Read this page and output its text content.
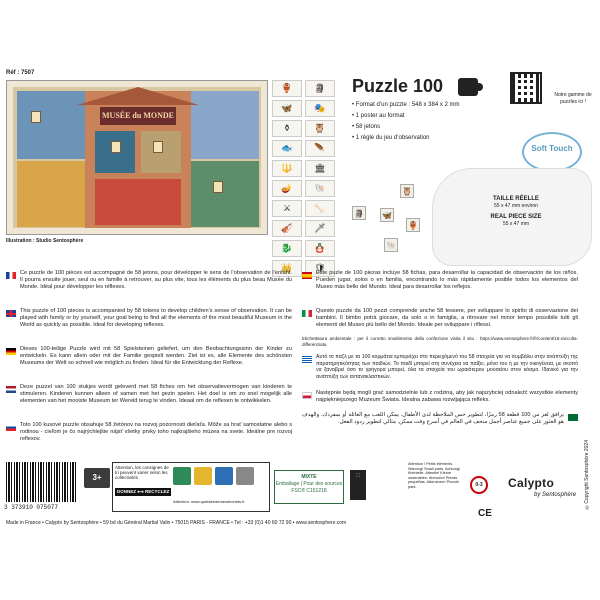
Réf : 7507
MUSÉE du MONDE
Illustration : Studio Sentosphère
🏺	🗿
🦋	🎭
⚱	🦉
🐟	🪶
🔱	🏛
🪔	🐚
⚔	🦴
🎻	🗡
🐉	🪆
👑	🛡
Puzzle 100
• Format d’un puzzle : 548 x 384 x 2 mm
• 1 poster au format
• 58 jetons
• 1 règle du jeu d’observation
Notre gamme de puzzles ici !
Soft Touch
🦉
🦋
🏺
🐚
🗿
TAILLE RÉELLE
55 x 47 mm environ
REAL PIECE SIZE
55 x 47 mm
Ce puzzle de 100 pièces est accompagné de 58 jetons, pour développer le sens de l’observation de l’enfant. Il pourra ensuite jouer, seul ou en famille à retrouver, au plus vite, tous les éléments du plus beau Musée du Monde. Idéal pour développer les réflexes.
This puzzle of 100 pieces is accompanied by 58 tokens to develop children’s sense of observation. It can be played with family or by yourself, your goal being to find all the elements of the most beautiful Museum in the World as quickly as possible. Ideal for developing reflexes.
Dieses 100-teilige Puzzle wird mit 58 Spielsteinen geliefert, um den Beobachtungssinn der Kinder zu entwickeln. Es kann allein oder mit der Familie gespielt werden. Ziel ist es, alle Elemente des schönsten Museums der Welt so schnell wie möglich zu finden. Ideal für die Entwicklung der Reflexe.
Deze puzzel van 100 stukjes wordt geleverd met 58 fiches om het observatievermogen van kinderen te stimuleren. Kinderen kunnen alleen of samen met het gezin spelen. Het doel is om zo snel mogelijk alle elementen van het mooiste Museum ter Wereld terug te vinden. Ideaal om de reflexen te ontwikkelen.
Toto 100 kusové puzzle obsahuje 58 žetónov na rozvoj pozornosti dieťaťa. Môže sa hrať samostatne alebo s rodinou - cieľom je čo najrýchlejšie nájsť všetky prvky toho najkrajšieho múzea na svete. Ideálne pre rozvoj reflexov.
Este puzle de 100 piezas incluye 58 fichas, para desarrollar la capacidad de observación de los niños. Pueden jugar, solos o en familia, encontrando lo más rápidamente posible todos los elementos del Museo más bello del Mundo. Ideal para desarrollar los reflejos.
Questo puzzle da 100 pezzi comprende anche 58 tessere, per sviluppare lo spirito di osservazione dei bambini. Il bimbo potrà giocare, da solo o in famiglia, a ritrovare nel minor tempo possibile tutti gli elementi del Museo più bello del Mondo. Ideale per sviluppare i riflessi.
Etichettatura ambientale : per il corretto smaltimento della confezione visita il sito : https://www.sentosphere.fr/fr/content/15-raccolta-differenziata
Αυτό το παζλ με τα 100 κομμάτια εμπεριέχει στο περιεχόμενό του 58 στοιχεία για να συμβάλει στην ανάπτυξη της παρατηρητικότητας των παιδιών. Το παιδί μπορεί στη συνέχεια να παίξει, μόνο του ή με την οικογένεια, με σκοπό να ξαναβρεί όσο το γρήγορα μπορεί, όλα τα στοιχεία του ωραιότερου μουσείου στον κόσμο. Ιδανικό για την ανάπτυξη των αντανακλαστικών.
Następnie będą mogli grać samodzielnie lub z rodziną, aby jak najszybciej odnaleźć wszystkie elementy najpiękniejszego Muzeum Świata. Idealna zabawa rozwijająca refleks.
يرافق لغز من 100 قطعة 58 رمزًا، لتطوير حس الملاحظة لدى الأطفال. يمكن اللعب مع العائلة أو بمفردك، والهدف هو العثور على جميع عناصر أجمل متحف في العالم في أسرع وقت ممكن. مثالي لتطوير ردود الفعل.
©Copyright Sentosphère 2024
3 373910 075077
3+
Attention, les consignes de tri peuvent varier selon les collectivités
DONNEZ ⟷ RECYCLEZ
Attention: www.quefairedemesdechets.fr
MIXTE
Emballage | Pour des sources
FSC® C151218
⬚
Attention ! Petits éléments. Warning! Small parts. Achtung! Kleinteile. Attentie! Kleine onderdelen. Atención! Piezas pequeñas. Attenzione! Piccole parti.	0-3	Calypto
by Sentosphère
CE
Made in France • Calypto by Sentosphère • 59 bd du Général Martial Valin • 75015 PARIS - FRANCE • Tel : +33 (0)1 40 60 72 90 • www.sentosphere.com
